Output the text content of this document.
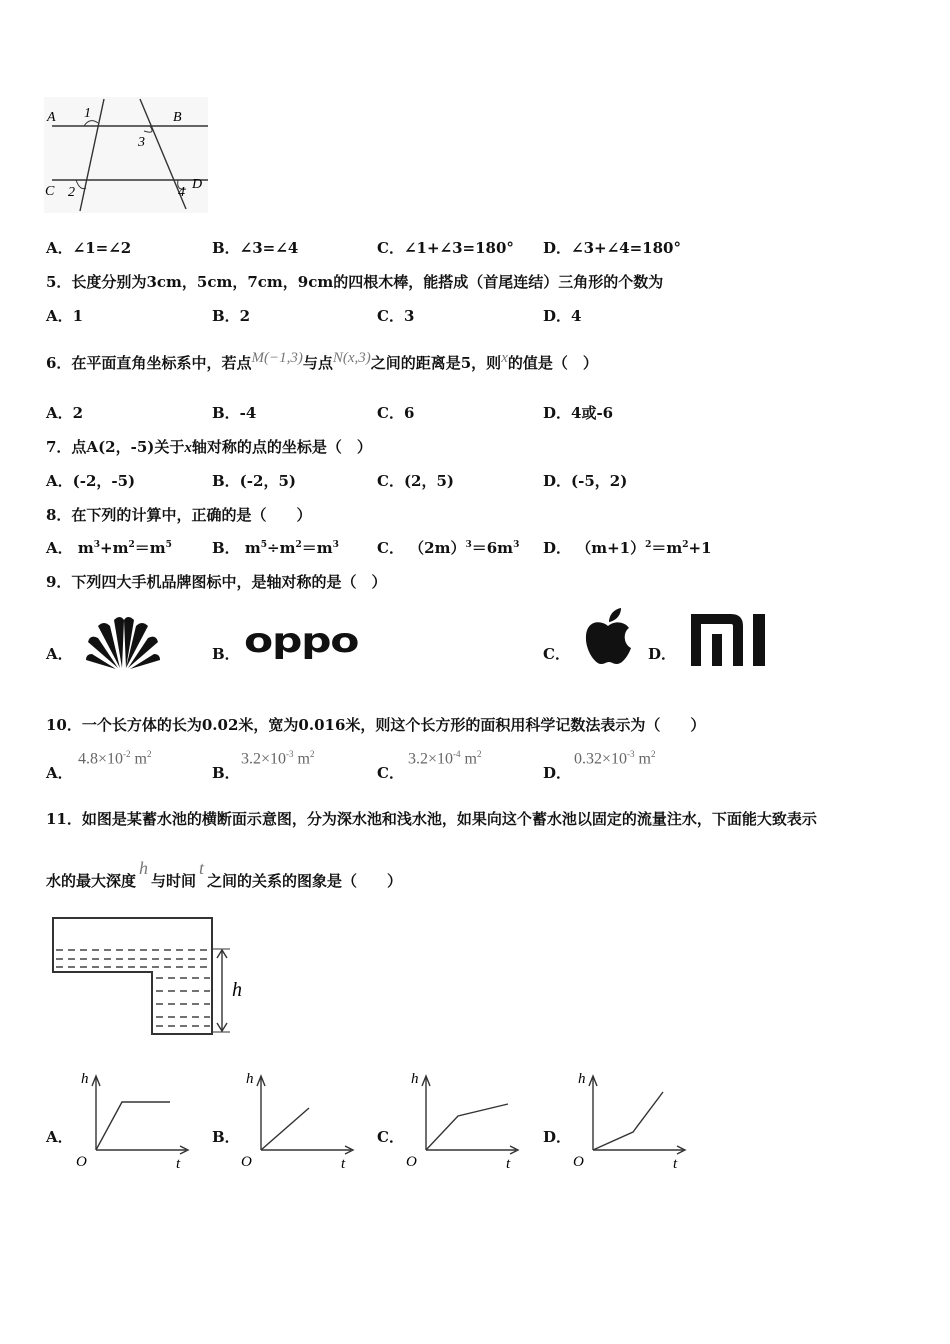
A	B
C	D
1
2
3
4
A．∠1=∠2	B．∠3=∠4	C．∠1+∠3=180° D．∠3+∠4=180°
5．长度分别为3cm，5cm，7cm，9cm的四根木棒，能搭成（首尾连结）三角形的个数为
A．1	B．2	C．3	D．4
6．在平面直角坐标系中，若点M(−1,3)与点N(x,3)之间的距离是5，则x的值是（　）
A．2	B．-4	C．6	D．4或-6
7．点A(2，-5)关于x轴对称的点的坐标是（　）
A．(-2，-5)	B．(-2，5)	C．(2，5)	D．(-5，2)
8．在下列的计算中，正确的是（　　）
A． $m^3+m^2=m^5$	B． $m^5\div m^2=m^3$	C． $(2m)^3=6m^3$ D． $(m+1)^2=m^2+1$
9．下列四大手机品牌图标中，是轴对称的是（　）
A．	B． oppo	C．	D．
10．一个长方体的长为0.02米，宽为0.016米，则这个长方形的面积用科学记数法表示为（　　）
A．
$4.8\times 10^{-2}$ $m^2$
B．
$3.2\times 10^{-3}$ $m^2$
C．
$3.2\times 10^{-4}$ $m^2$
D．
$0.32\times 10^{-3}$ $m^2$
11．如图是某蓄水池的横断面示意图，分为深水池和浅水池，如果向这个蓄水池以固定的流量注水，下面能大致表示
水的最大深度h与时间t之间的关系的图象是（　　）
h
A．
h
t
O
B．
h
t
O
C．
h
t
O
D．
h
t
O
